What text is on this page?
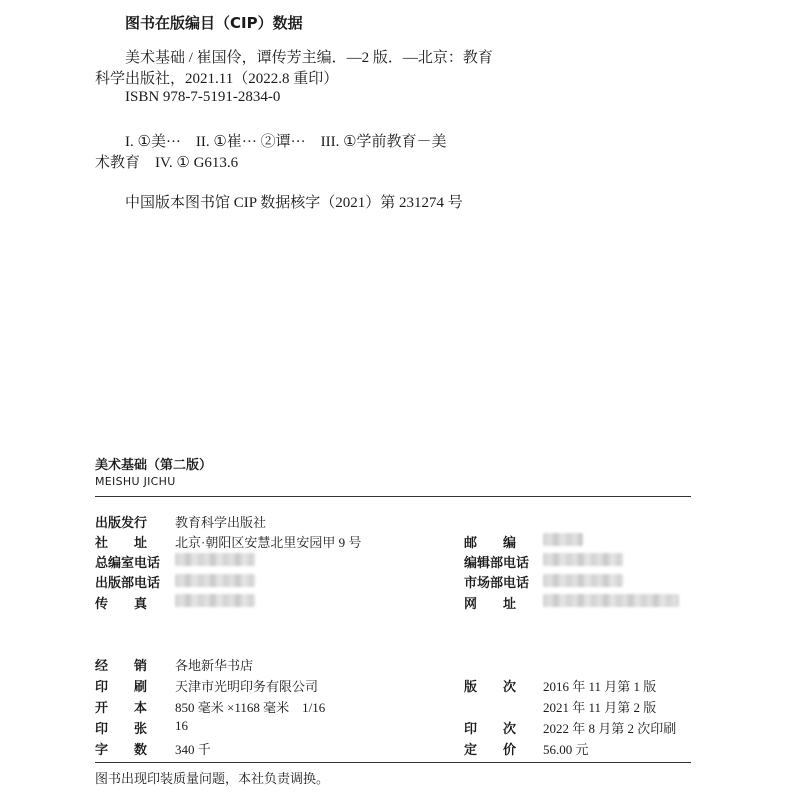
图书在版编目（CIP）数据
美术基础 / 崔国伶，谭传芳主编．—2 版．—北京：教育
科学出版社，2021.11（2022.8 重印）
ISBN 978-7-5191-2834-0
I. ①美···　II. ①崔··· ②谭···　III. ①学前教育－美
术教育　IV. ① G613.6
中国版本图书馆 CIP 数据核字（2021）第 231274 号
美术基础（第二版）
MEISHU JICHU
出版发行 教育科学出版社
社　　址 北京·朝阳区安慧北里安园甲 9 号
总编室电话
出版部电话
传　　真
邮　　编
编辑部电话
市场部电话
网　　址
经　　销 各地新华书店
印　　刷 天津市光明印务有限公司
开　　本 850 毫米 ×1168 毫米　1/16
印　　张 16
字　　数 340 千
版　　次 2016 年 11 月第 1 版
2021 年 11 月第 2 版
印　　次 2022 年 8 月第 2 次印刷
定　　价 56.00 元
图书出现印装质量问题，本社负责调换。
